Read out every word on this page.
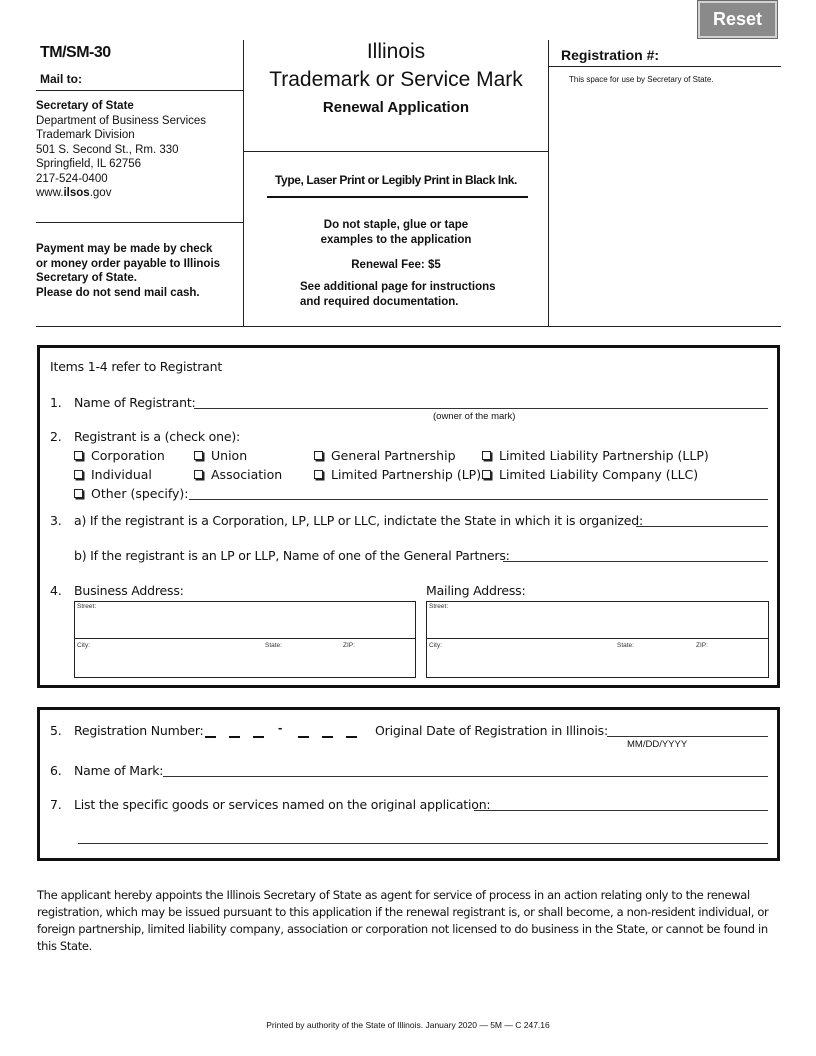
Reset
TM/SM-30
Mail to:
Secretary of State
Department of Business Services
Trademark Division
501 S. Second St., Rm. 330
Springfield, IL 62756
217-524-0400
www.ilsos.gov
Payment may be made by check
or money order payable to Illinois
Secretary of State.
Please do not send mail cash.
Illinois
Trademark or Service Mark
Renewal Application
Type, Laser Print or Legibly Print in Black Ink.
Do not staple, glue or tape
examples to the application
Renewal Fee: $5
See additional page for instructions
and required documentation.
Registration #:
This space for use by Secretary of State.
Items 1-4 refer to Registrant
1. Name of Registrant:
(owner of the mark)
2. Registrant is a (check one):
Corporation	Union	General Partnership	Limited Liability Partnership (LLP)
Individual	Association	Limited Partnership (LP)	Limited Liability Company (LLC)
Other (specify):
3. a) If the registrant is a Corporation, LP, LLP or LLC, indictate the State in which it is organized:
b) If the registrant is an LP or LLP, Name of one of the General Partners:
4. Business Address:	Mailing Address:
Street:
City:	State:	ZIP:
Street:
City:	State:	ZIP:
5. Registration Number:	-	Original Date of Registration in Illinois:
MM/DD/YYYY
6. Name of Mark:
7. List the specific goods or services named on the original application:
The applicant hereby appoints the Illinois Secretary of State as agent for service of process in an action relating only to the renewal registration, which may be issued pursuant to this application if the renewal registrant is, or shall become, a non-resident individual, or foreign partnership, limited liability company, association or corporation not licensed to do business in the State, or cannot be found in this State.
Printed by authority of the State of Illinois. January 2020 — 5M — C 247.16
